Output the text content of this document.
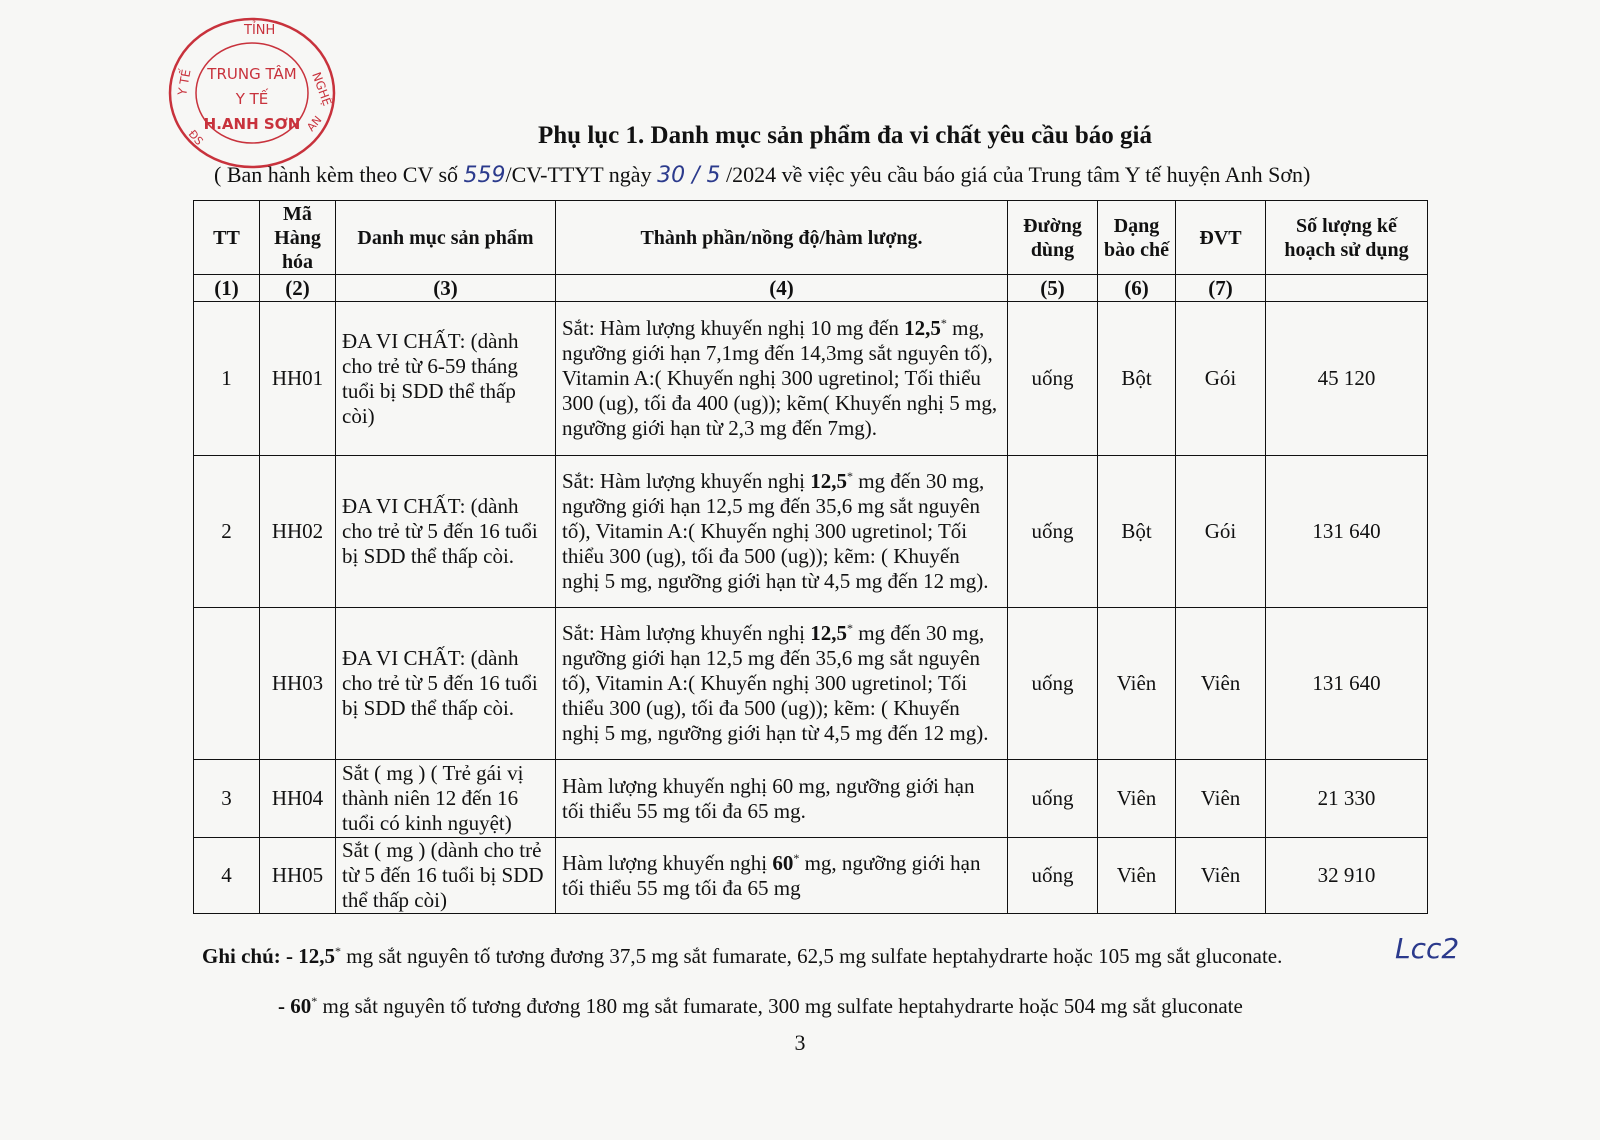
TỈNH
NGHỆ
Y TẾ TRUNG TÂM
Y TẾ
H.ANH SƠN
ĐS
AN	Phụ lục 1. Danh mục sản phẩm đa vi chất yêu cầu báo giá
( Ban hành kèm theo CV số 559/CV-TTYT ngày 30 / 5 /2024 về việc yêu cầu báo giá của Trung tâm Y tế huyện Anh Sơn)
TT	Mã Hàng hóa	Danh mục sản phẩm	Thành phần/nồng độ/hàm lượng.	Đường dùng	Dạng bào chế	ĐVT	Số lượng kế hoạch sử dụng
(1)	(2)	(3)	(4)	(5)	(6)	(7)	
1	HH01	ĐA VI CHẤT: (dành cho trẻ từ 6-59 tháng tuổi bị SDD thể thấp còi)	Sắt: Hàm lượng khuyến nghị 10 mg đến 12,5* mg, ngưỡng giới hạn 7,1mg đến 14,3mg sắt nguyên tố), Vitamin A:( Khuyến nghị 300 ugretinol; Tối thiểu 300 (ug), tối đa 400 (ug)); kẽm( Khuyến nghị 5 mg, ngưỡng giới hạn từ 2,3 mg đến 7mg).	uống	Bột	Gói	45 120
2	HH02	ĐA VI CHẤT: (dành cho trẻ từ 5 đến 16 tuổi bị SDD thể thấp còi.	Sắt: Hàm lượng khuyến nghị 12,5* mg đến 30 mg, ngưỡng giới hạn 12,5 mg đến 35,6 mg sắt nguyên tố), Vitamin A:( Khuyến nghị 300 ugretinol; Tối thiểu 300 (ug), tối đa 500 (ug)); kẽm: ( Khuyến nghị 5 mg, ngưỡng giới hạn từ 4,5 mg đến 12 mg).	uống	Bột	Gói	131 640
	HH03	ĐA VI CHẤT: (dành cho trẻ từ 5 đến 16 tuổi bị SDD thể thấp còi.	Sắt: Hàm lượng khuyến nghị 12,5* mg đến 30 mg, ngưỡng giới hạn 12,5 mg đến 35,6 mg sắt nguyên tố), Vitamin A:( Khuyến nghị 300 ugretinol; Tối thiểu 300 (ug), tối đa 500 (ug)); kẽm: ( Khuyến nghị 5 mg, ngưỡng giới hạn từ 4,5 mg đến 12 mg).	uống	Viên	Viên	131 640
3	HH04	Sắt ( mg ) ( Trẻ gái vị thành niên 12 đến 16 tuổi có kinh nguyệt)	Hàm lượng khuyến nghị 60 mg, ngưỡng giới hạn tối thiểu 55 mg tối đa 65 mg.	uống	Viên	Viên	21 330
4	HH05	Sắt ( mg ) (dành cho trẻ từ 5 đến 16 tuổi bị SDD thể thấp còi)	Hàm lượng khuyến nghị 60* mg, ngưỡng giới hạn tối thiểu 55 mg tối đa 65 mg	uống	Viên	Viên	32 910
Ghi chú: - 12,5* mg sắt nguyên tố tương đương 37,5 mg sắt fumarate, 62,5 mg sulfate heptahydrarte hoặc 105 mg sắt gluconate.
- 60* mg sắt nguyên tố tương đương 180 mg sắt fumarate, 300 mg sulfate heptahydrarte hoặc 504 mg sắt gluconate
Lcc2
3
